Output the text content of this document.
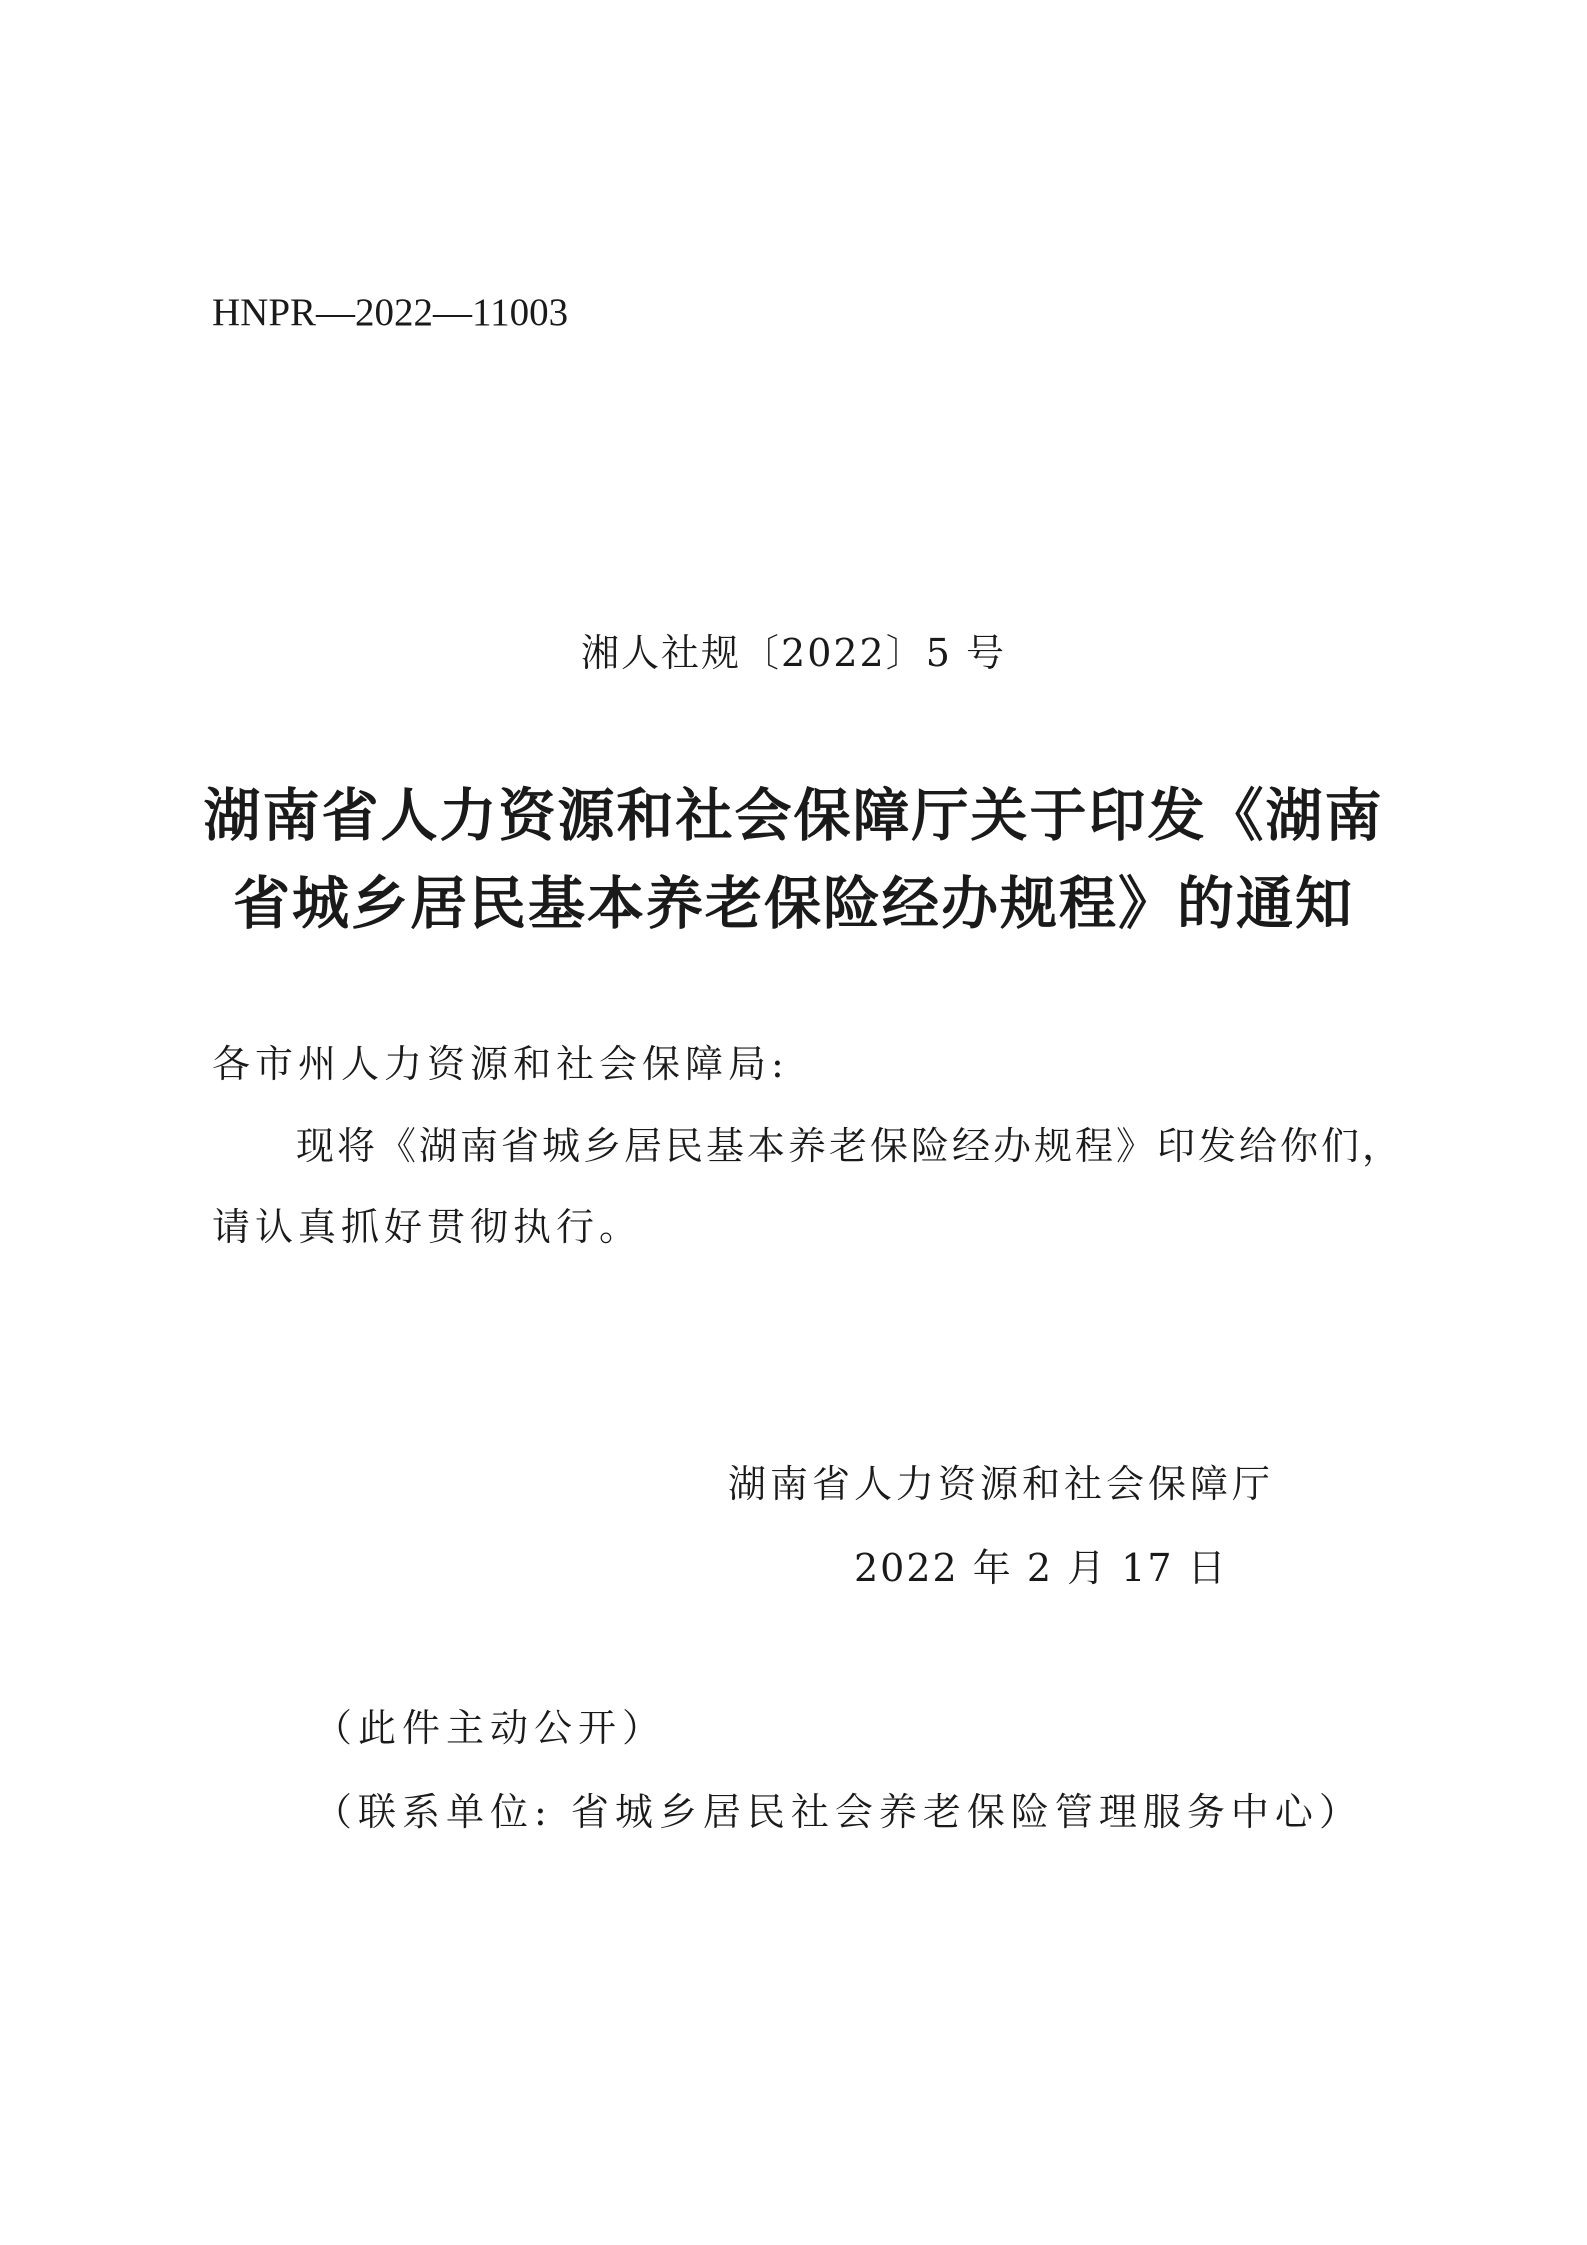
HNPR—2022—11003
湘人社规〔2022〕5 号
湖南省人力资源和社会保障厅关于印发《湖南
省城乡居民基本养老保险经办规程》的通知
各市州人力资源和社会保障局:
现将《湖南省城乡居民基本养老保险经办规程》印发给你们，
请认真抓好贯彻执行。
湖南省人力资源和社会保障厅
2022 年 2 月 17 日
（此件主动公开）
（联系单位: 省城乡居民社会养老保险管理服务中心）
